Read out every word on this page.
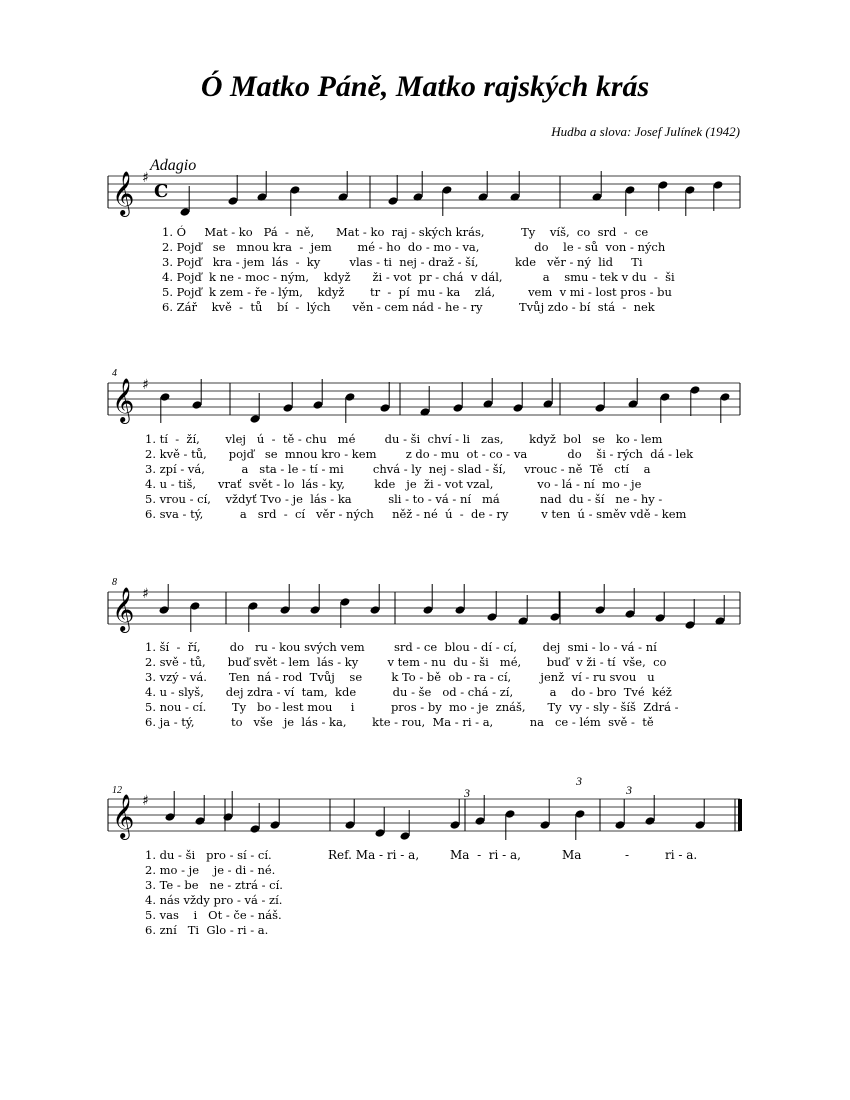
Ó Matko Páně, Matko rajských krás
Hudba a slova: Josef Julínek (1942)
Adagio
4
8
12
𝄞 ♯
C
𝄞 ♯
𝄞 ♯
𝄞 ♯
1. Ó     Mat - ko   Pá  -  ně,      Mat - ko  raj - ských krás,          Ty    víš,  co  srd  -  ce
2. Pojď   se   mnou kra  -  jem       mé - ho  do - mo - va,               do    le - sů  von - ných
3. Pojď   kra - jem  lás  -  ky        vlas - ti  nej - draž - ší,          kde   věr - ný  lid     Ti
4. Pojď  k ne - moc - ným,    když      ži - vot  pr - chá  v dál,           a    smu - tek v du  -  ši
5. Pojď  k zem - ře - lým,    když       tr  -  pí  mu - ka    zlá,         vem  v mi - lost pros - bu
6. Zář    kvě  -  tů    bí  -  lých      věn - cem nád - he - ry          Tvůj zdo - bí  stá  -  nek
1. tí  -  ží,       vlej   ú  -  tě - chu   mé        du - ši  chví - li   zas,       když  bol   se   ko - lem
2. kvě - tů,      pojď   se  mnou kro - kem        z do - mu  ot - co - va           do    ši - rých  dá - lek
3. zpí - vá,          a   sta - le - tí - mi        chvá - ly  nej - slad - ší,     vrouc - ně  Tě   ctí    a
4. u - tiš,      vrať  svět - lo  lás - ky,        kde   je  ži - vot vzal,            vo - lá - ní  mo - je
5. vrou - cí,    vždyť Tvo - je  lás - ka          sli - to - vá - ní   má           nad  du - ší   ne - hy -
6. sva - tý,          a   srd  -  cí   věr - ných     něž - né  ú  -  de - ry         v ten  ú - směv vdě - kem
1. ší  -  ří,        do   ru - kou svých vem        srd - ce  blou - dí - cí,       dej  smi - lo - vá - ní
2. svě - tů,      buď svět - lem  lás - ky        v tem - nu  du - ši   mé,       buď  v ži - tí  vše,  co
3. vzý - vá.      Ten  ná - rod  Tvůj    se        k To - bě  ob - ra - cí,        jenž  ví - ru svou   u
4. u - slyš,      dej zdra - ví  tam,  kde          du - še   od - chá - zí,          a    do - bro  Tvé  kéž
5. nou - cí.       Ty   bo - lest mou     i          pros - by  mo - je  znáš,      Ty  vy - sly - šíš  Zdrá -
6. ja - tý,          to   vše   je  lás - ka,       kte - rou,  Ma - ri - a,          na   ce - lém  svě -  tě
1. du - ši   pro - sí - cí.
2. mo - je    je - di - né.
3. Te - be   ne - ztrá - cí.
4. nás vždy pro - vá - zí.
5. vas    i   Ot - če - náš.
6. zní   Ti  Glo - ri - a.
Ref. Ma - ri - a,	Ma  -  ri - a,	Ma	-	ri - a.
3
3
3
